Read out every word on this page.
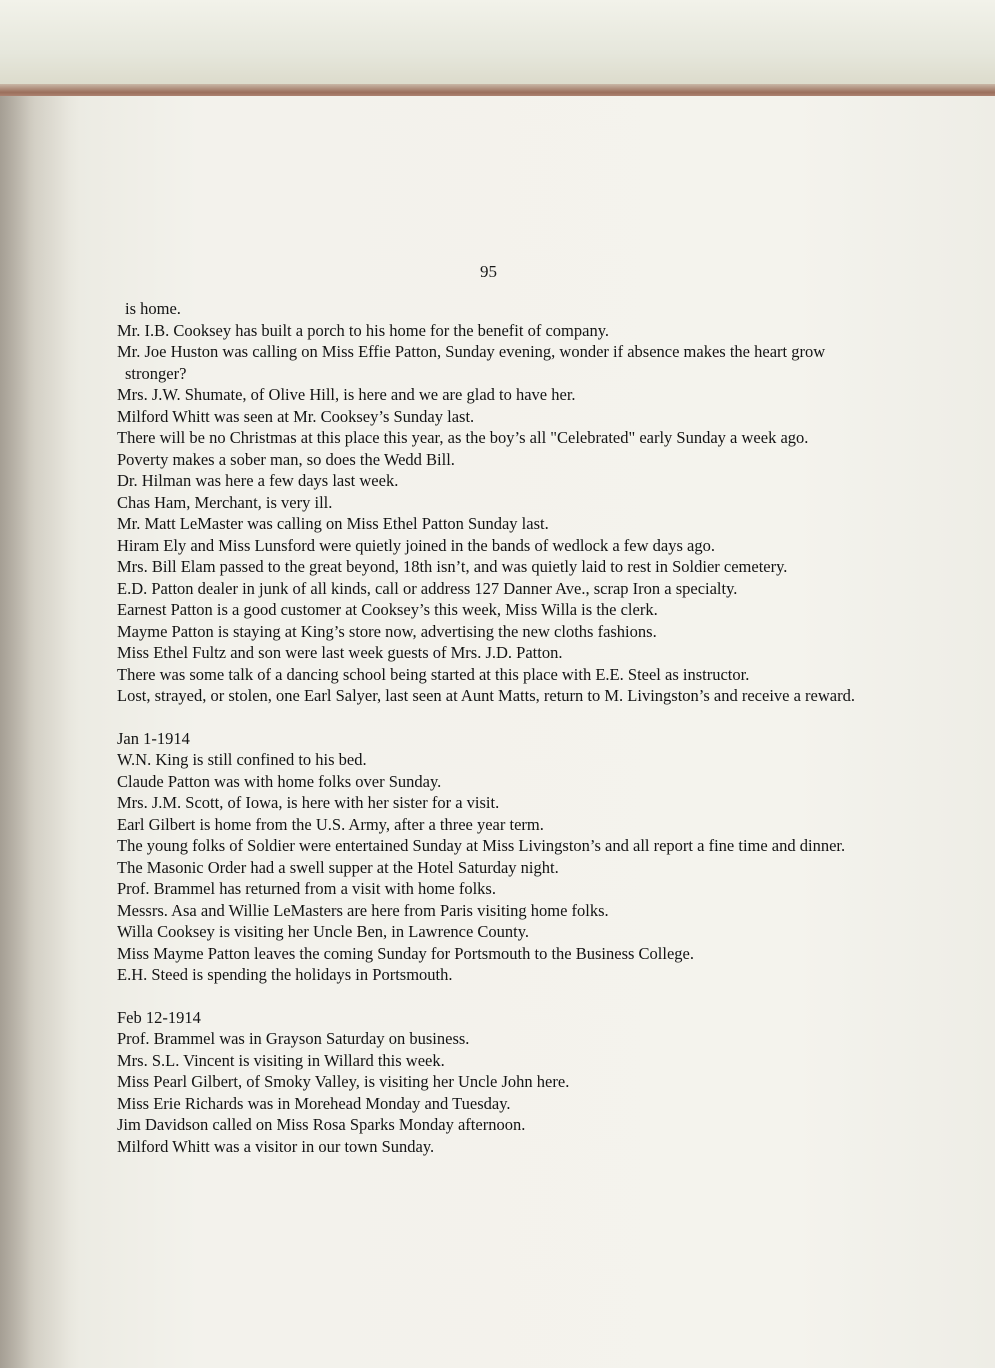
95

is home.

Mr. I.B. Cooksey has built a porch to his home for the benefit of company.

Mr. Joe Huston was calling on Miss Effie Patton, Sunday evening, wonder if absence makes the heart grow stronger?

Mrs. J.W. Shumate, of Olive Hill, is here and we are glad to have her.

Milford Whitt was seen at Mr. Cooksey’s Sunday last.

There will be no Christmas at this place this year, as the boy’s all "Celebrated" early Sunday a week ago.

Poverty makes a sober man, so does the Wedd Bill.

Dr. Hilman was here a few days last week.

Chas Ham, Merchant, is very ill.

Mr. Matt LeMaster was calling on Miss Ethel Patton Sunday last.

Hiram Ely and Miss Lunsford were quietly joined in the bands of wedlock a few days ago.

Mrs. Bill Elam passed to the great beyond, 18th isn’t, and was quietly laid to rest in Soldier cemetery.

E.D. Patton dealer in junk of all kinds, call or address 127 Danner Ave., scrap Iron a specialty.

Earnest Patton is a good customer at Cooksey’s this week, Miss Willa is the clerk.

Mayme Patton is staying at King’s store now, advertising the new cloths fashions.

Miss Ethel Fultz and son were last week guests of Mrs. J.D. Patton.

There was some talk of a dancing school being started at this place with E.E. Steel as instructor.

Lost, strayed, or stolen, one Earl Salyer, last seen at Aunt Matts, return to M. Livingston’s and receive a reward.

Jan 1-1914

W.N. King is still confined to his bed.

Claude Patton was with home folks over Sunday.

Mrs. J.M. Scott, of Iowa, is here with her sister for a visit.

Earl Gilbert is home from the U.S. Army, after a three year term.

The young folks of Soldier were entertained Sunday at Miss Livingston’s and all report a fine time and dinner.

The Masonic Order had a swell supper at the Hotel Saturday night.

Prof. Brammel has returned from a visit with home folks.

Messrs. Asa and Willie LeMasters are here from Paris visiting home folks.

Willa Cooksey is visiting her Uncle Ben, in Lawrence County.

Miss Mayme Patton leaves the coming Sunday for Portsmouth to the Business College.

E.H. Steed is spending the holidays in Portsmouth.

Feb 12-1914

Prof. Brammel was in Grayson Saturday on business.

Mrs. S.L. Vincent is visiting in Willard this week.

Miss Pearl Gilbert, of Smoky Valley, is visiting her Uncle John here.

Miss Erie Richards was in Morehead Monday and Tuesday.

Jim Davidson called on Miss Rosa Sparks Monday afternoon.

Milford Whitt was a visitor in our town Sunday.
